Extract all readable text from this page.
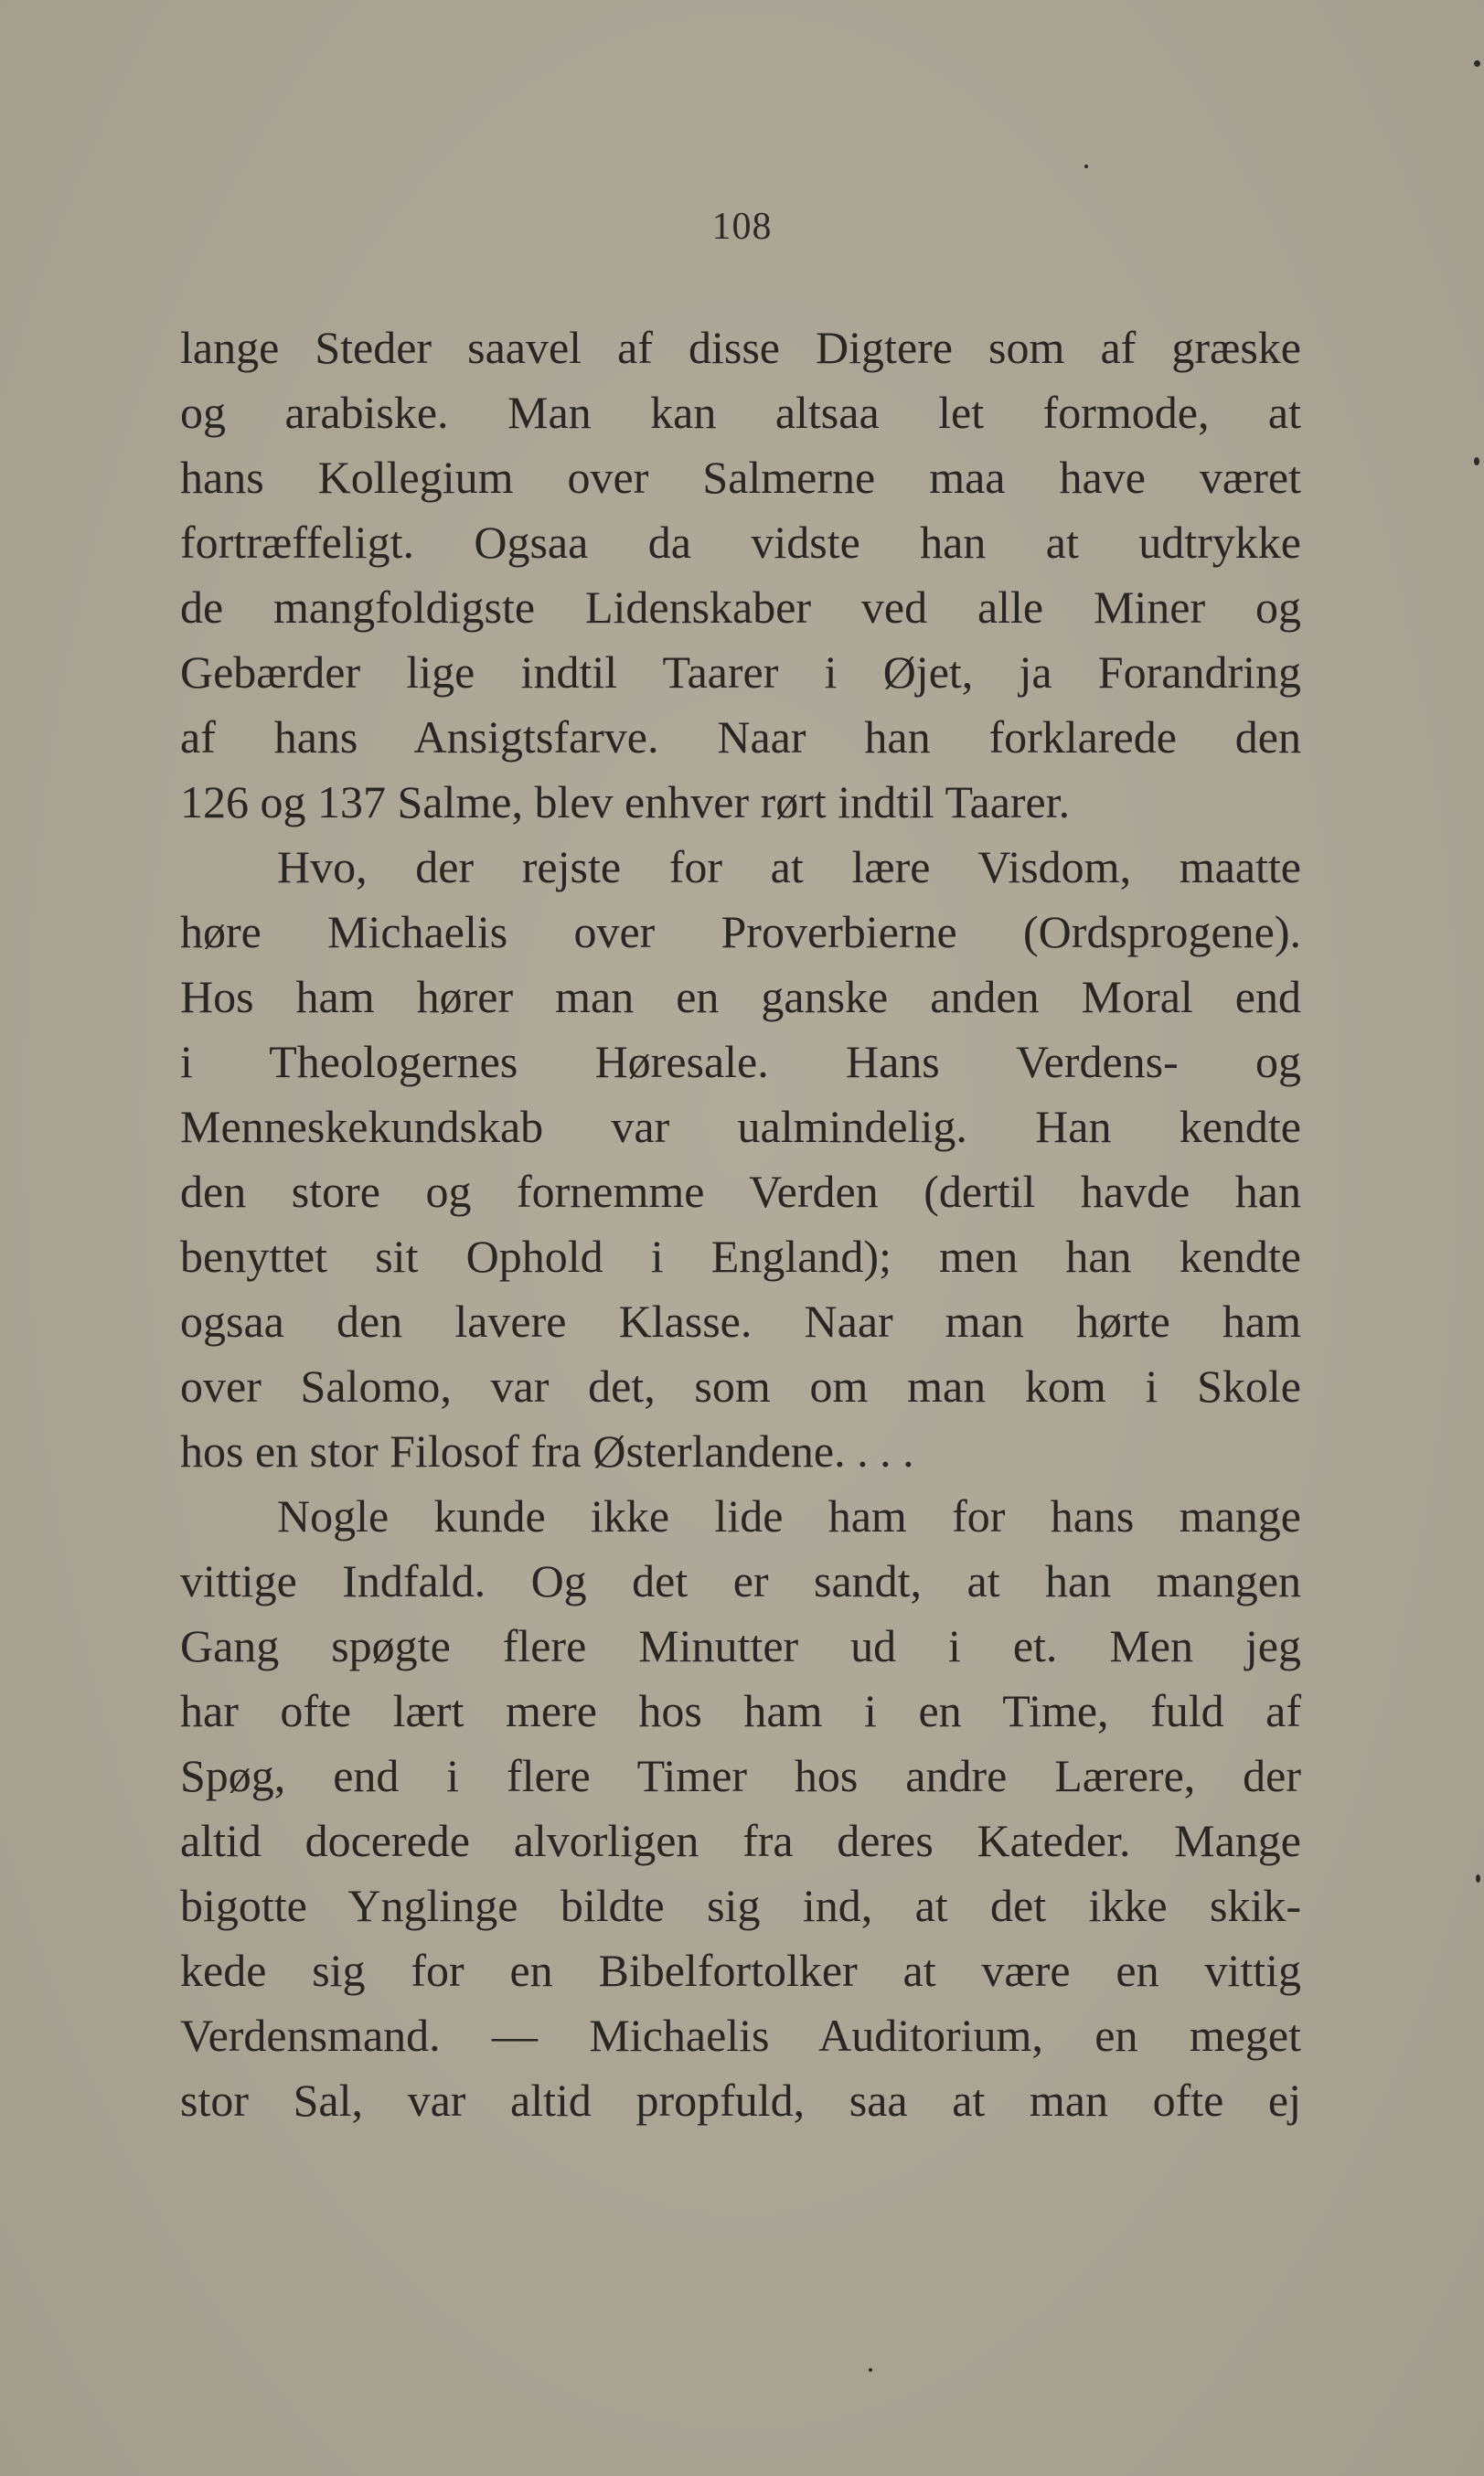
108
lange Steder saavel af disse Digtere som af græske
og arabiske. Man kan altsaa let formode, at
hans Kollegium over Salmerne maa have været
fortræffeligt. Ogsaa da vidste han at udtrykke
de mangfoldigste Lidenskaber ved alle Miner og
Gebærder lige indtil Taarer i Øjet, ja Forandring
af hans Ansigtsfarve. Naar han forklarede den
126 og 137 Salme, blev enhver rørt indtil Taarer.
Hvo, der rejste for at lære Visdom, maatte
høre Michaelis over Proverbierne (Ordsprogene).
Hos ham hører man en ganske anden Moral end
i Theologernes Høresale. Hans Verdens- og
Menneskekundskab var ualmindelig. Han kendte
den store og fornemme Verden (dertil havde han
benyttet sit Ophold i England); men han kendte
ogsaa den lavere Klasse. Naar man hørte ham
over Salomo, var det, som om man kom i Skole
hos en stor Filosof fra Østerlandene. . . .
Nogle kunde ikke lide ham for hans mange
vittige Indfald. Og det er sandt, at han mangen
Gang spøgte flere Minutter ud i et. Men jeg
har ofte lært mere hos ham i en Time, fuld af
Spøg, end i flere Timer hos andre Lærere, der
altid docerede alvorligen fra deres Kateder. Mange
bigotte Ynglinge bildte sig ind, at det ikke skik-
kede sig for en Bibelfortolker at være en vittig
Verdensmand. — Michaelis Auditorium, en meget
stor Sal, var altid propfuld, saa at man ofte ej
